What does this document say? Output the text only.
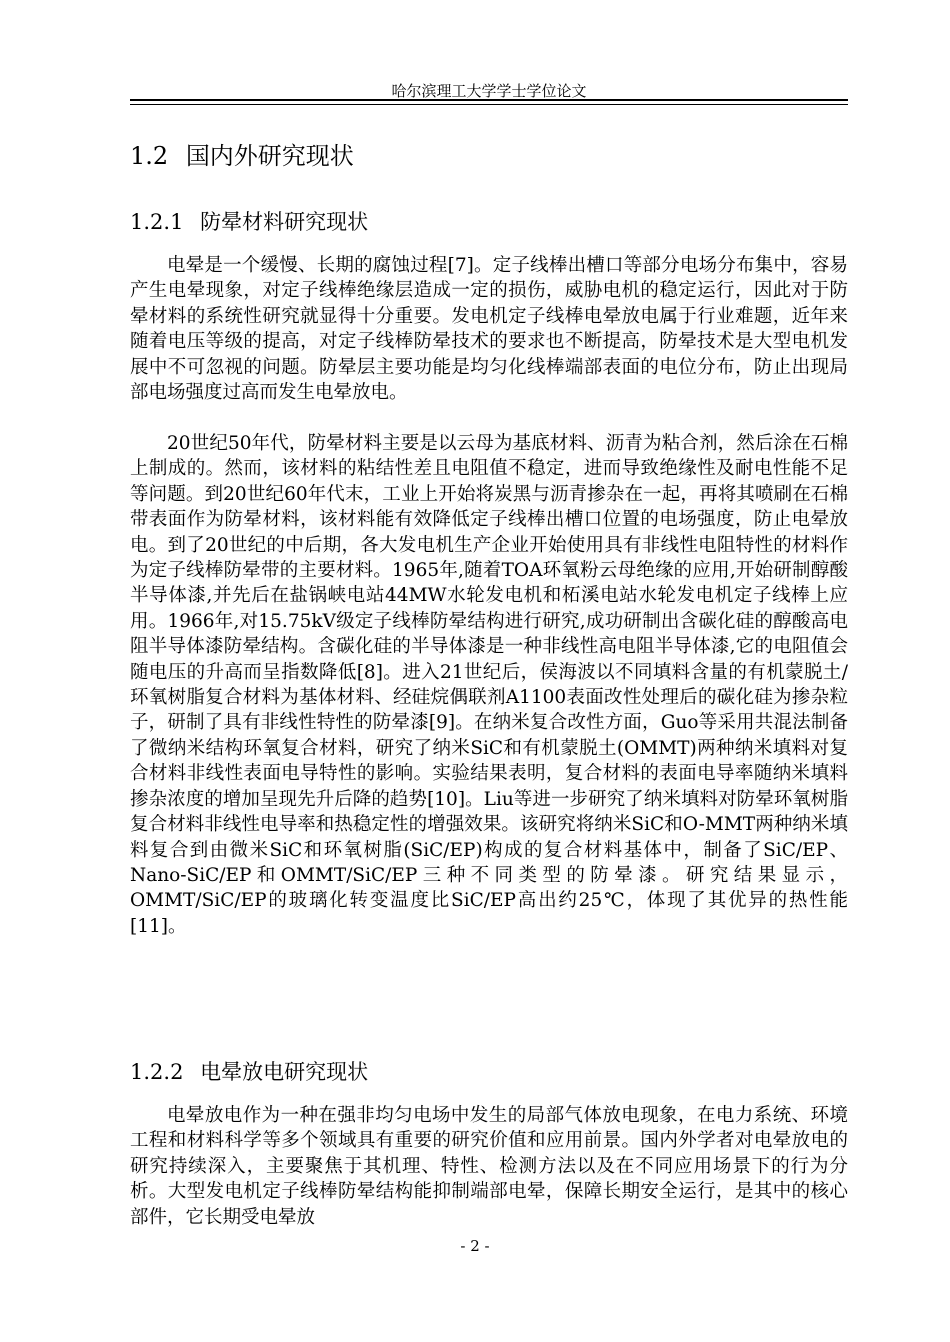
哈尔滨理工大学学士学位论文
1.2 国内外研究现状
1.2.1 防晕材料研究现状

电晕是一个缓慢、长期的腐蚀过程[7]。定子线棒出槽口等部分电场分布集中，容易产生电晕现象，对定子线棒绝缘层造成一定的损伤，威胁电机的稳定运行，因此对于防晕材料的系统性研究就显得十分重要。发电机定子线棒电晕放电属于行业难题，近年来随着电压等级的提高，对定子线棒防晕技术的要求也不断提高，防晕技术是大型电机发展中不可忽视的问题。防晕层主要功能是均匀化线棒端部表面的电位分布，防止出现局部电场强度过高而发生电晕放电。

20世纪50年代，防晕材料主要是以云母为基底材料、沥青为粘合剂，然后涂在石棉上制成的。然而，该材料的粘结性差且电阻值不稳定，进而导致绝缘性及耐电性能不足等问题。到20世纪60年代末，工业上开始将炭黑与沥青掺杂在一起，再将其喷刷在石棉带表面作为防晕材料，该材料能有效降低定子线棒出槽口位置的电场强度，防止电晕放电。到了20世纪的中后期，各大发电机生产企业开始使用具有非线性电阻特性的材料作为定子线棒防晕带的主要材料。1965年,随着TOA环氧粉云母绝缘的应用,开始研制醇酸半导体漆,并先后在盐锅峡电站44MW水轮发电机和柘溪电站水轮发电机定子线棒上应用。1966年,对15.75kV级定子线棒防晕结构进行研究,成功研制出含碳化硅的醇酸高电阻半导体漆防晕结构。含碳化硅的半导体漆是一种非线性高电阻半导体漆,它的电阻值会随电压的升高而呈指数降低[8]。进入21世纪后，侯海波以不同填料含量的有机蒙脱土/环氧树脂复合材料为基体材料、经硅烷偶联剂A1100表面改性处理后的碳化硅为掺杂粒子，研制了具有非线性特性的防晕漆[9]。在纳米复合改性方面，Guo等采用共混法制备了微纳米结构环氧复合材料，研究了纳米SiC和有机蒙脱土(OMMT)两种纳米填料对复合材料非线性表面电导特性的影响。实验结果表明，复合材料的表面电导率随纳米填料掺杂浓度的增加呈现先升后降的趋势[10]。Liu等进一步研究了纳米填料对防晕环氧树脂复合材料非线性电导率和热稳定性的增强效果。该研究将纳米SiC和O-MMT两种纳米填料复合到由微米SiC和环氧树脂(SiC/EP)构成的复合材料基体中，制备了SiC/EP、Nano-SiC/EP和OMMT/SiC/EP三种不同类型的防晕漆。研究结果显示，OMMT/SiC/EP的玻璃化转变温度比SiC/EP高出约25℃，体现了其优异的热性能[11]。

1.2.2 电晕放电研究现状

电晕放电作为一种在强非均匀电场中发生的局部气体放电现象，在电力系统、环境工程和材料科学等多个领域具有重要的研究价值和应用前景。国内外学者对电晕放电的研究持续深入，主要聚焦于其机理、特性、检测方法以及在不同应用场景下的行为分析。大型发电机定子线棒防晕结构能抑制端部电晕，保障长期安全运行，是其中的核心部件，它长期受电晕放

- 2 -
